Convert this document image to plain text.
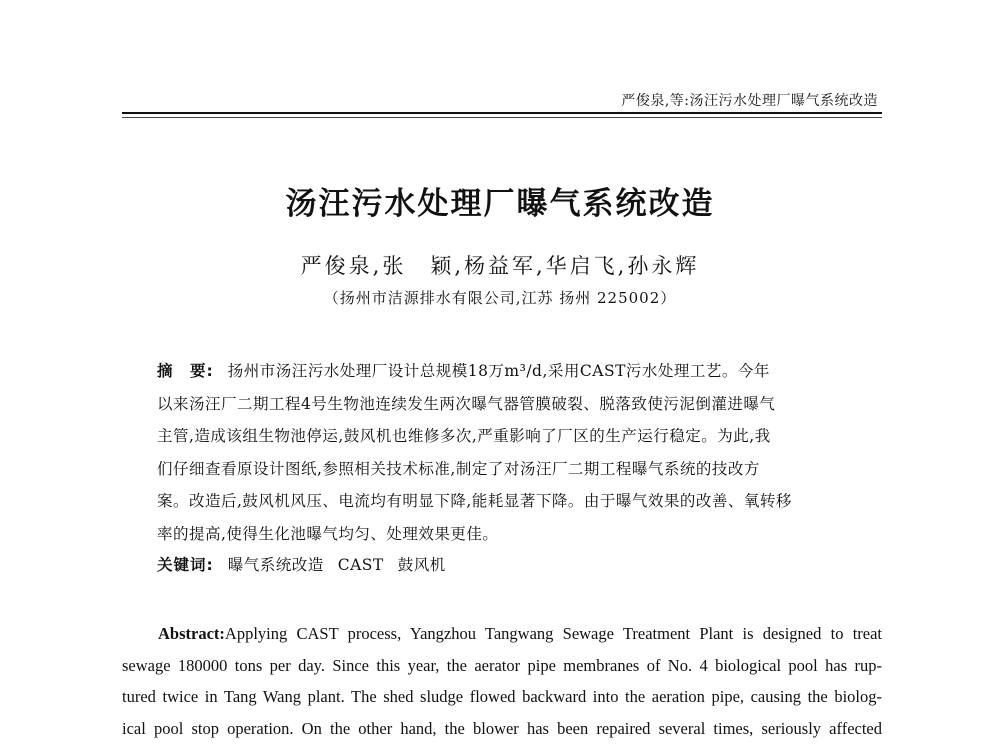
严俊泉,等:汤汪污水处理厂曝气系统改造
汤汪污水处理厂曝气系统改造
严俊泉,张　颖,杨益军,华启飞,孙永辉
（扬州市洁源排水有限公司,江苏 扬州 225002）
摘　要: 扬州市汤汪污水处理厂设计总规模18万m³/d,采用CAST污水处理工艺。今年
以来汤汪厂二期工程4号生物池连续发生两次曝气器管膜破裂、脱落致使污泥倒灌进曝气
主管,造成该组生物池停运,鼓风机也维修多次,严重影响了厂区的生产运行稳定。为此,我
们仔细查看原设计图纸,参照相关技术标准,制定了对汤汪厂二期工程曝气系统的技改方
案。改造后,鼓风机风压、电流均有明显下降,能耗显著下降。由于曝气效果的改善、氧转移
率的提高,使得生化池曝气均匀、处理效果更佳。
关键词: 曝气系统改造 CAST 鼓风机
Abstract:Applying CAST process, Yangzhou Tangwang Sewage Treatment Plant is designed to treat
sewage 180000 tons per day. Since this year, the aerator pipe membranes of No. 4 biological pool has rup-
tured twice in Tang Wang plant. The shed sludge flowed backward into the aeration pipe, causing the biolog-
ical pool stop operation. On the other hand, the blower has been repaired several times, seriously affected
